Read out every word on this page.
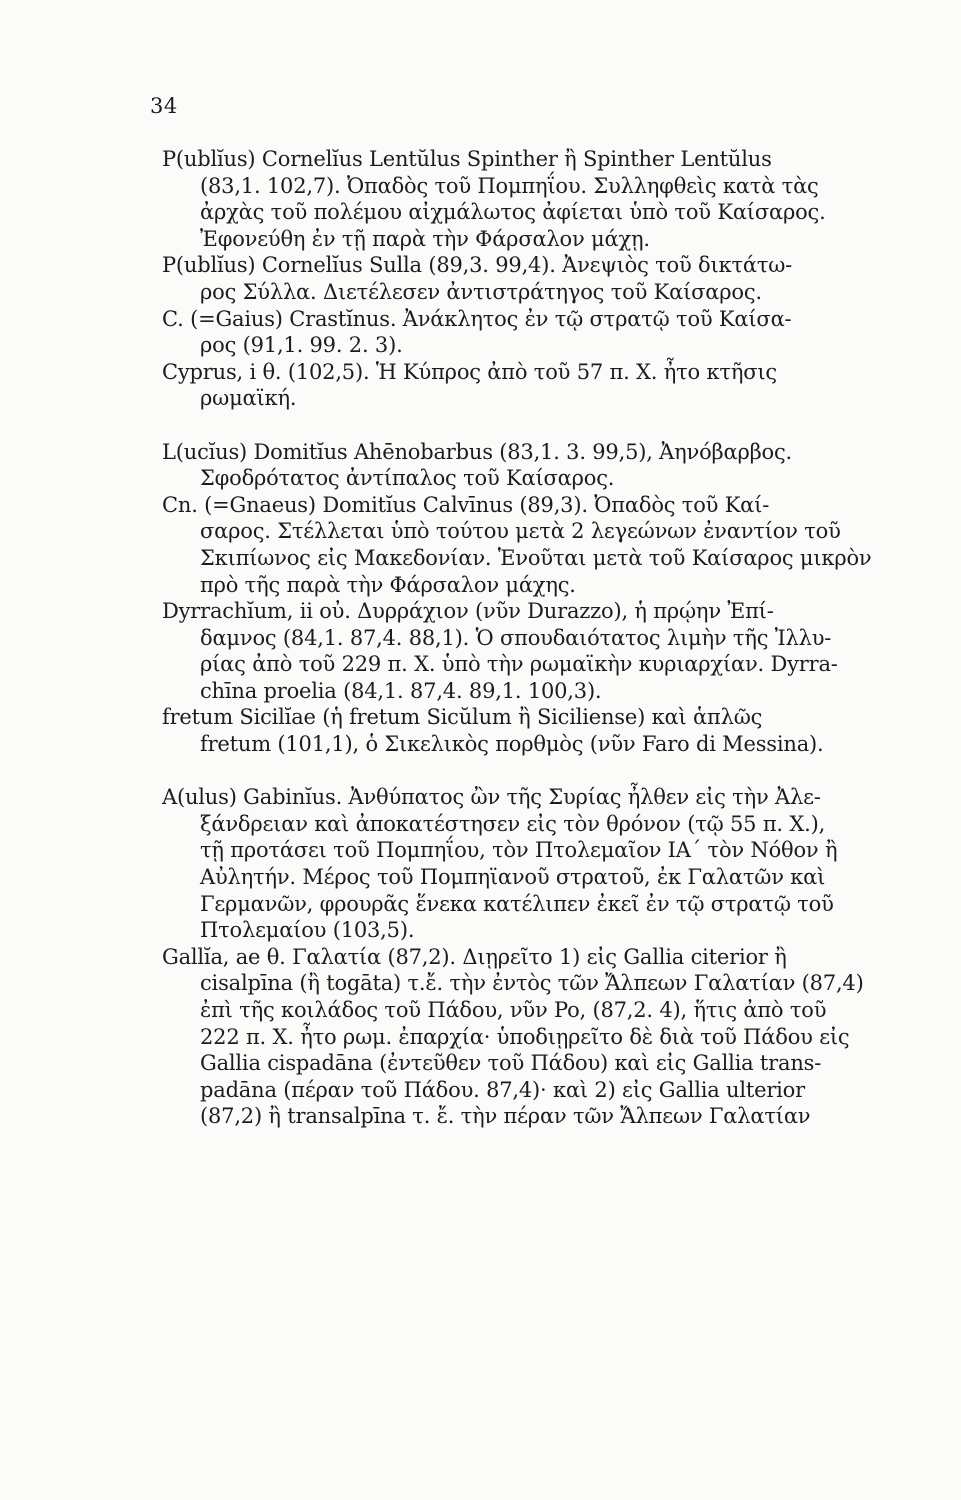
34
P(ublĭus) Cornelĭus Lentŭlus Spinther ἢ Spinther Lentŭlus
(83,1. 102,7). Ὀπαδὸς τοῦ Πομπηΐου. Συλληφθεὶς κατὰ τὰς
ἀρχὰς τοῦ πολέμου αἰχμάλωτος ἀφίεται ὑπὸ τοῦ Καίσαρος.
Ἐφονεύθη ἐν τῇ παρὰ τὴν Φάρσαλον μάχῃ.
P(ublĭus) Cornelĭus Sulla (89,3. 99,4). Ἀνεψιὸς τοῦ δικτάτω-
ρος Σύλλα. Διετέλεσεν ἀντιστράτηγος τοῦ Καίσαρος.
C. (=Gaius) Crastĭnus. Ἀνάκλητος ἐν τῷ στρατῷ τοῦ Καίσα-
ρος (91,1. 99. 2. 3).
Cyprus, i θ. (102,5). Ἡ Κύπρος ἀπὸ τοῦ 57 π. Χ. ἦτο κτῆσις
ρωμαϊκή.
L(ucĭus) Domitĭus Ahēnobarbus (83,1. 3. 99,5), Ἀηνόβαρβος.
Σφοδρότατος ἀντίπαλος τοῦ Καίσαρος.
Cn. (=Gnaeus) Domitĭus Calvīnus (89,3). Ὀπαδὸς τοῦ Καί-
σαρος. Στέλλεται ὑπὸ τούτου μετὰ 2 λεγεώνων ἐναντίον τοῦ
Σκιπίωνος εἰς Μακεδονίαν. Ἑνοῦται μετὰ τοῦ Καίσαρος μικρὸν
πρὸ τῆς παρὰ τὴν Φάρσαλον μάχης.
Dyrrachĭum, ii οὐ. Δυρράχιον (νῦν Durazzo), ἡ πρῴην Ἐπί-
δαμνος (84,1. 87,4. 88,1). Ὁ σπουδαιότατος λιμὴν τῆς Ἰλλυ-
ρίας ἀπὸ τοῦ 229 π. Χ. ὑπὸ τὴν ρωμαϊκὴν κυριαρχίαν. Dyrra-
chīna proelia (84,1. 87,4. 89,1. 100,3).
fretum Sicilĭae (ἡ fretum Sicŭlum ἢ Siciliense) καὶ ἁπλῶς
fretum (101,1), ὁ Σικελικὸς πορθμὸς (νῦν Faro di Messina).
A(ulus) Gabinĭus. Ἀνθύπατος ὢν τῆς Συρίας ἦλθεν εἰς τὴν Ἀλε-
ξάνδρειαν καὶ ἀποκατέστησεν εἰς τὸν θρόνον (τῷ 55 π. Χ.),
τῇ προτάσει τοῦ Πομπηΐου, τὸν Πτολεμαῖον ΙΑ΄ τὸν Νόθον ἢ
Αὐλητήν. Μέρος τοῦ Πομπηϊανοῦ στρατοῦ, ἐκ Γαλατῶν καὶ
Γερμανῶν, φρουρᾶς ἕνεκα κατέλιπεν ἐκεῖ ἐν τῷ στρατῷ τοῦ
Πτολεμαίου (103,5).
Gallĭa, ae θ. Γαλατία (87,2). Διῃρεῖτο 1) εἰς Gallia citerior ἢ
cisalpīna (ἢ togāta) τ.ἔ. τὴν ἐντὸς τῶν Ἄλπεων Γαλατίαν (87,4)
ἐπὶ τῆς κοιλάδος τοῦ Πάδου, νῦν Po, (87,2. 4), ἥτις ἀπὸ τοῦ
222 π. Χ. ἦτο ρωμ. ἐπαρχία· ὑποδιῃρεῖτο δὲ διὰ τοῦ Πάδου εἰς
Gallia cispadāna (ἐντεῦθεν τοῦ Πάδου) καὶ εἰς Gallia trans-
padāna (πέραν τοῦ Πάδου. 87,4)· καὶ 2) εἰς Gallia ulterior
(87,2) ἢ transalpīna τ. ἔ. τὴν πέραν τῶν Ἄλπεων Γαλατίαν
